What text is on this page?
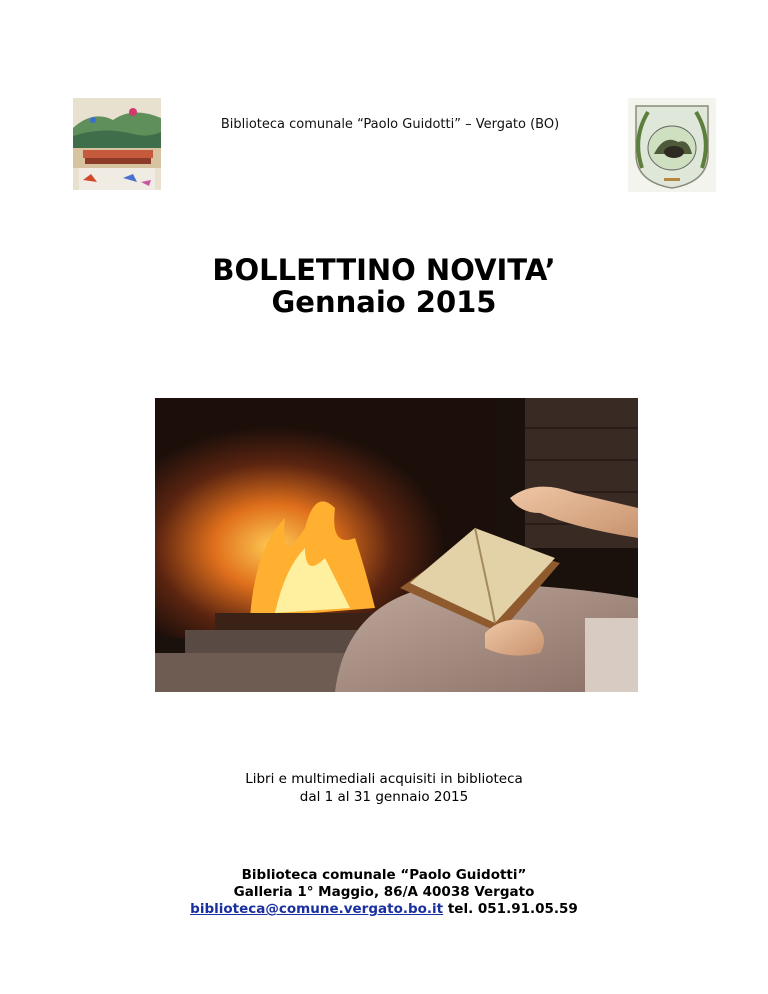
Biblioteca comunale “Paolo Guidotti” – Vergato (BO)
BOLLETTINO NOVITA’
Gennaio 2015
Libri e multimediali acquisiti in biblioteca
dal 1 al 31 gennaio 2015
Biblioteca comunale “Paolo Guidotti”
Galleria 1° Maggio, 86/A 40038 Vergato
biblioteca@comune.vergato.bo.it tel. 051.91.05.59
